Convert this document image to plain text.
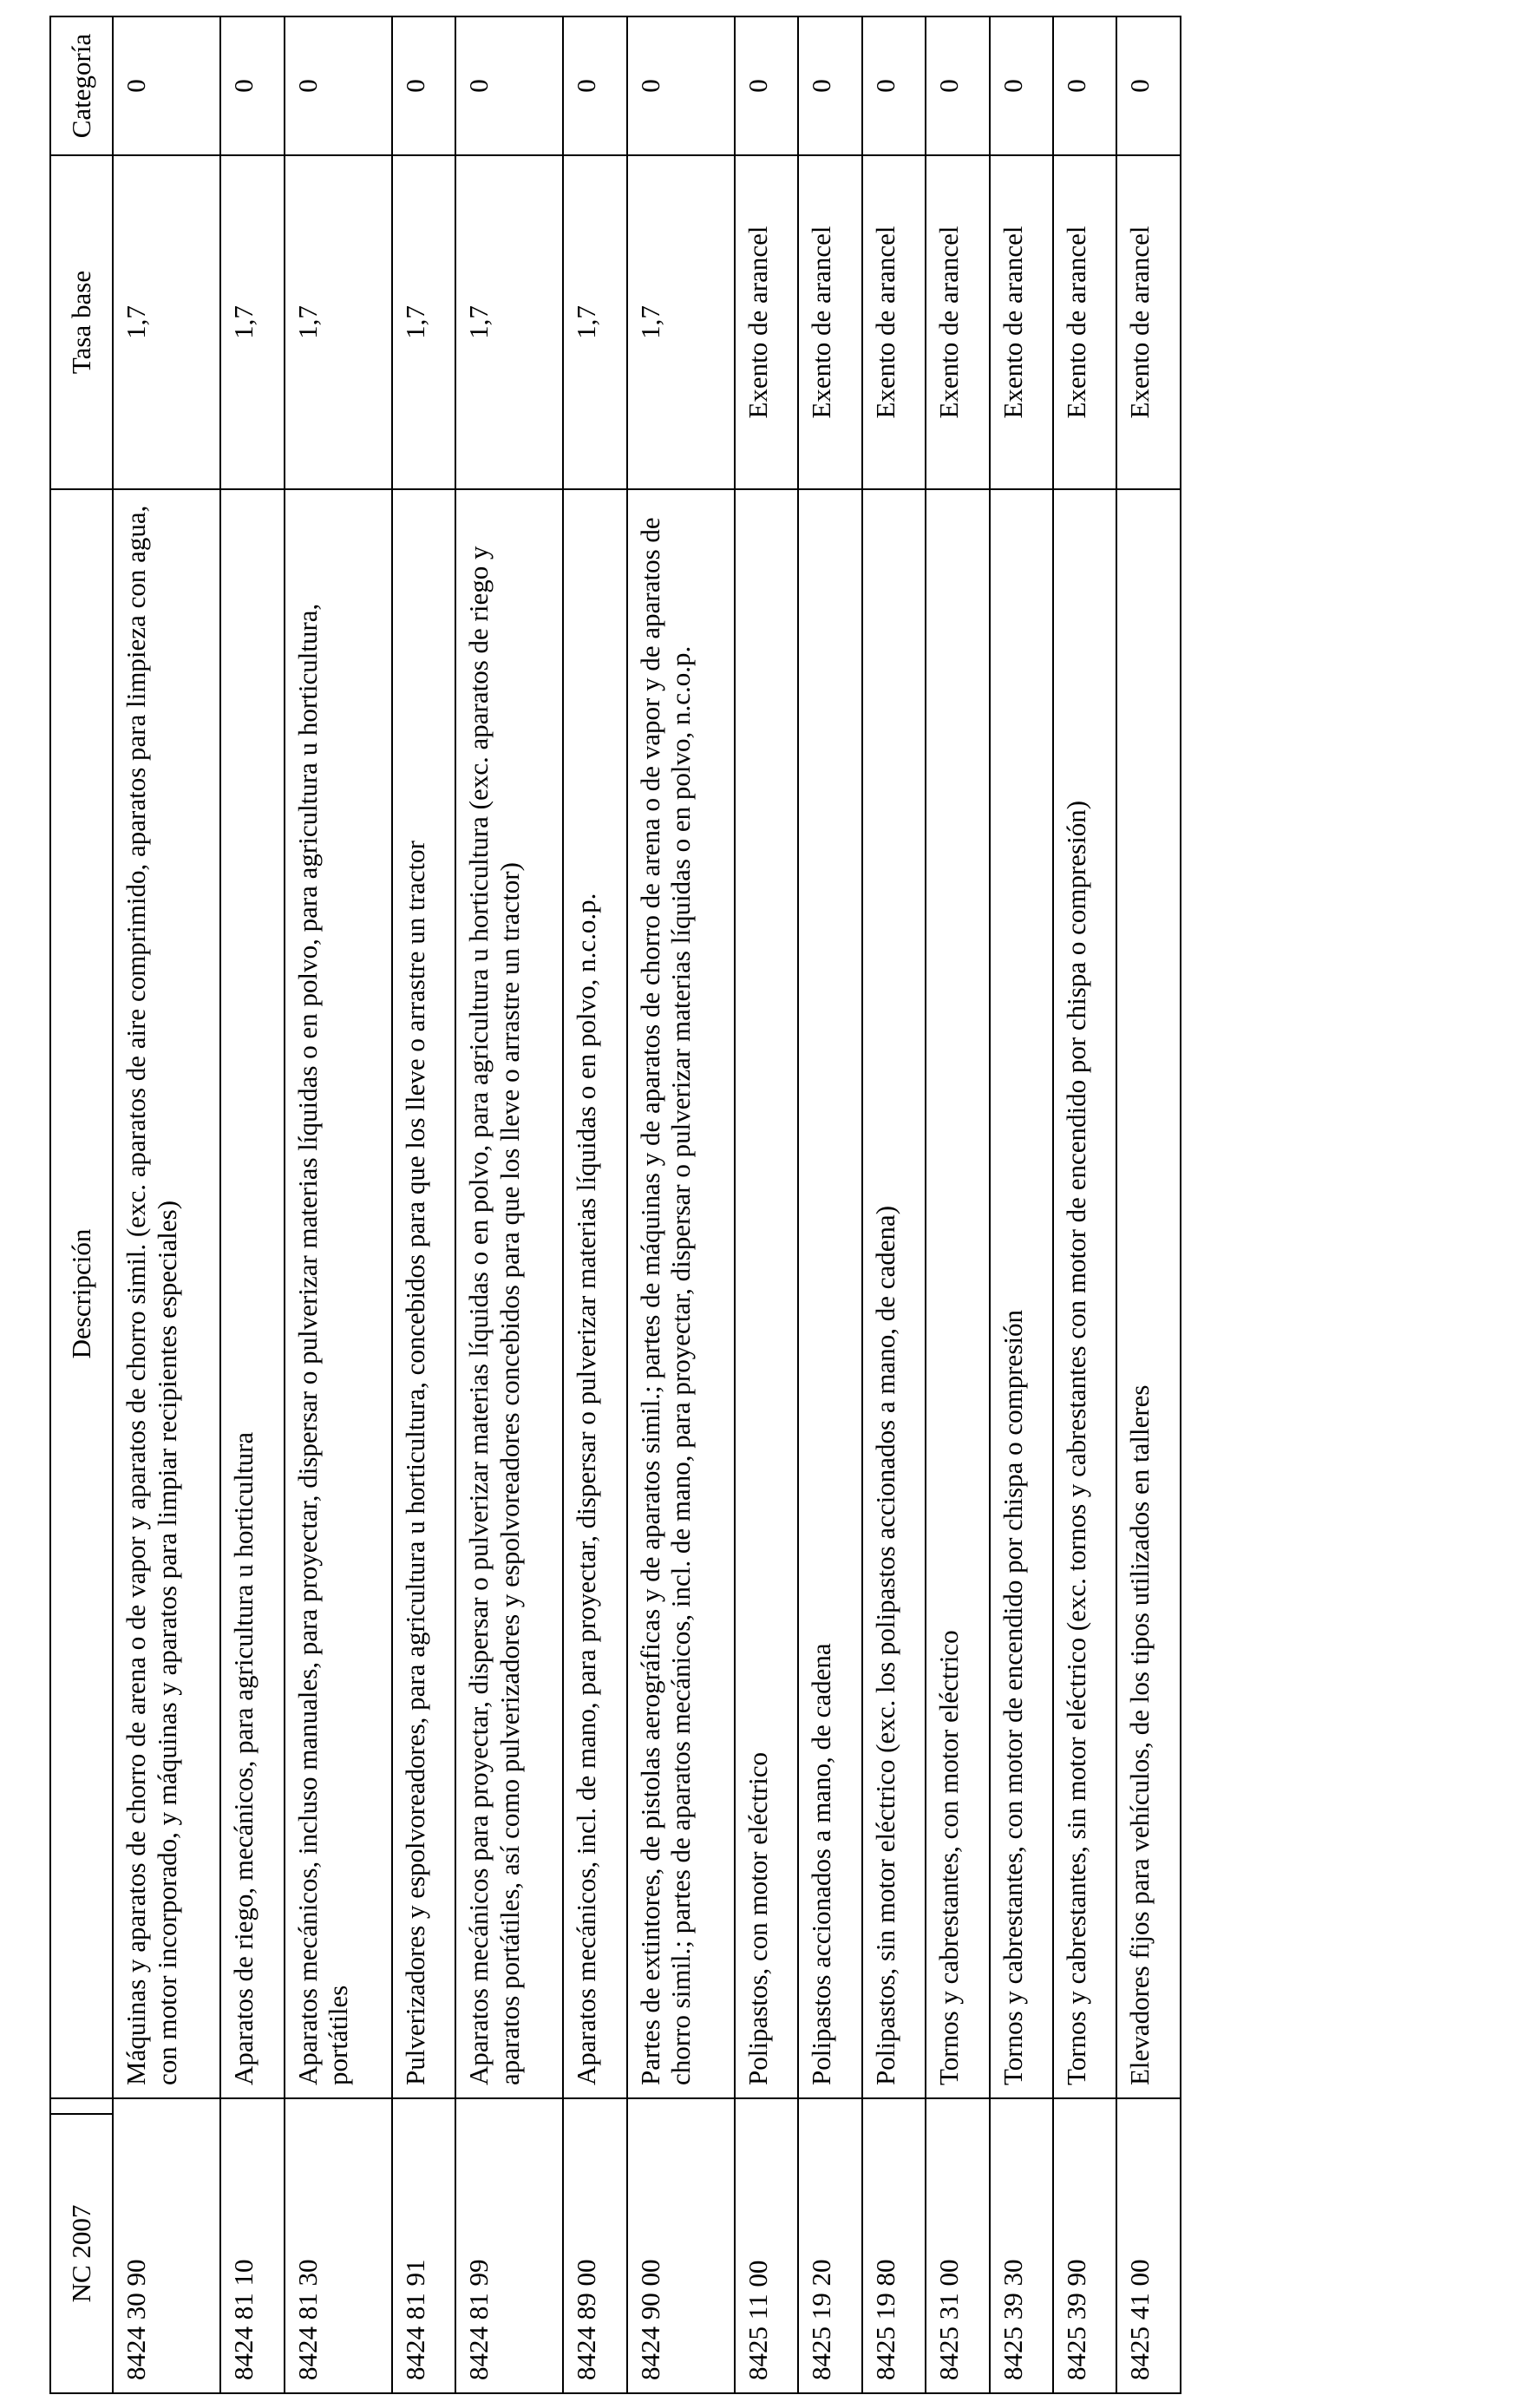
NC 2007		Descripción	Tasa base	Categoría
8424 30 90		Máquinas y aparatos de chorro de arena o de vapor y aparatos de chorro simil. (exc. aparatos de aire comprimido, aparatos para limpieza con agua, con motor incorporado, y máquinas y aparatos para limpiar recipientes especiales)	1,7	0
8424 81 10		Aparatos de riego, mecánicos, para agricultura u horticultura	1,7	0
8424 81 30		Aparatos mecánicos, incluso manuales, para proyectar, dispersar o pulverizar materias líquidas o en polvo, para agricultura u horticultura, portátiles	1,7	0
8424 81 91		Pulverizadores y espolvoreadores, para agricultura u horticultura, concebidos para que los lleve o arrastre un tractor	1,7	0
8424 81 99		Aparatos mecánicos para proyectar, dispersar o pulverizar materias líquidas o en polvo, para agricultura u horticultura (exc. aparatos de riego y aparatos portátiles, así como pulverizadores y espolvoreadores concebidos para que los lleve o arrastre un tractor)	1,7	0
8424 89 00		Aparatos mecánicos, incl. de mano, para proyectar, dispersar o pulverizar materias líquidas o en polvo, n.c.o.p.	1,7	0
8424 90 00		Partes de extintores, de pistolas aerográficas y de aparatos simil.; partes de máquinas y de aparatos de chorro de arena o de vapor y de aparatos de chorro simil.; partes de aparatos mecánicos, incl. de mano, para proyectar, dispersar o pulverizar materias líquidas o en polvo, n.c.o.p.	1,7	0
8425 11 00		Polipastos, con motor eléctrico	Exento de arancel	0
8425 19 20		Polipastos accionados a mano, de cadena	Exento de arancel	0
8425 19 80		Polipastos, sin motor eléctrico (exc. los polipastos accionados a mano, de cadena)	Exento de arancel	0
8425 31 00		Tornos y cabrestantes, con motor eléctrico	Exento de arancel	0
8425 39 30		Tornos y cabrestantes, con motor de encendido por chispa o compresión	Exento de arancel	0
8425 39 90		Tornos y cabrestantes, sin motor eléctrico (exc. tornos y cabrestantes con motor de encendido por chispa o compresión)	Exento de arancel	0
8425 41 00		Elevadores fijos para vehículos, de los tipos utilizados en talleres	Exento de arancel	0
